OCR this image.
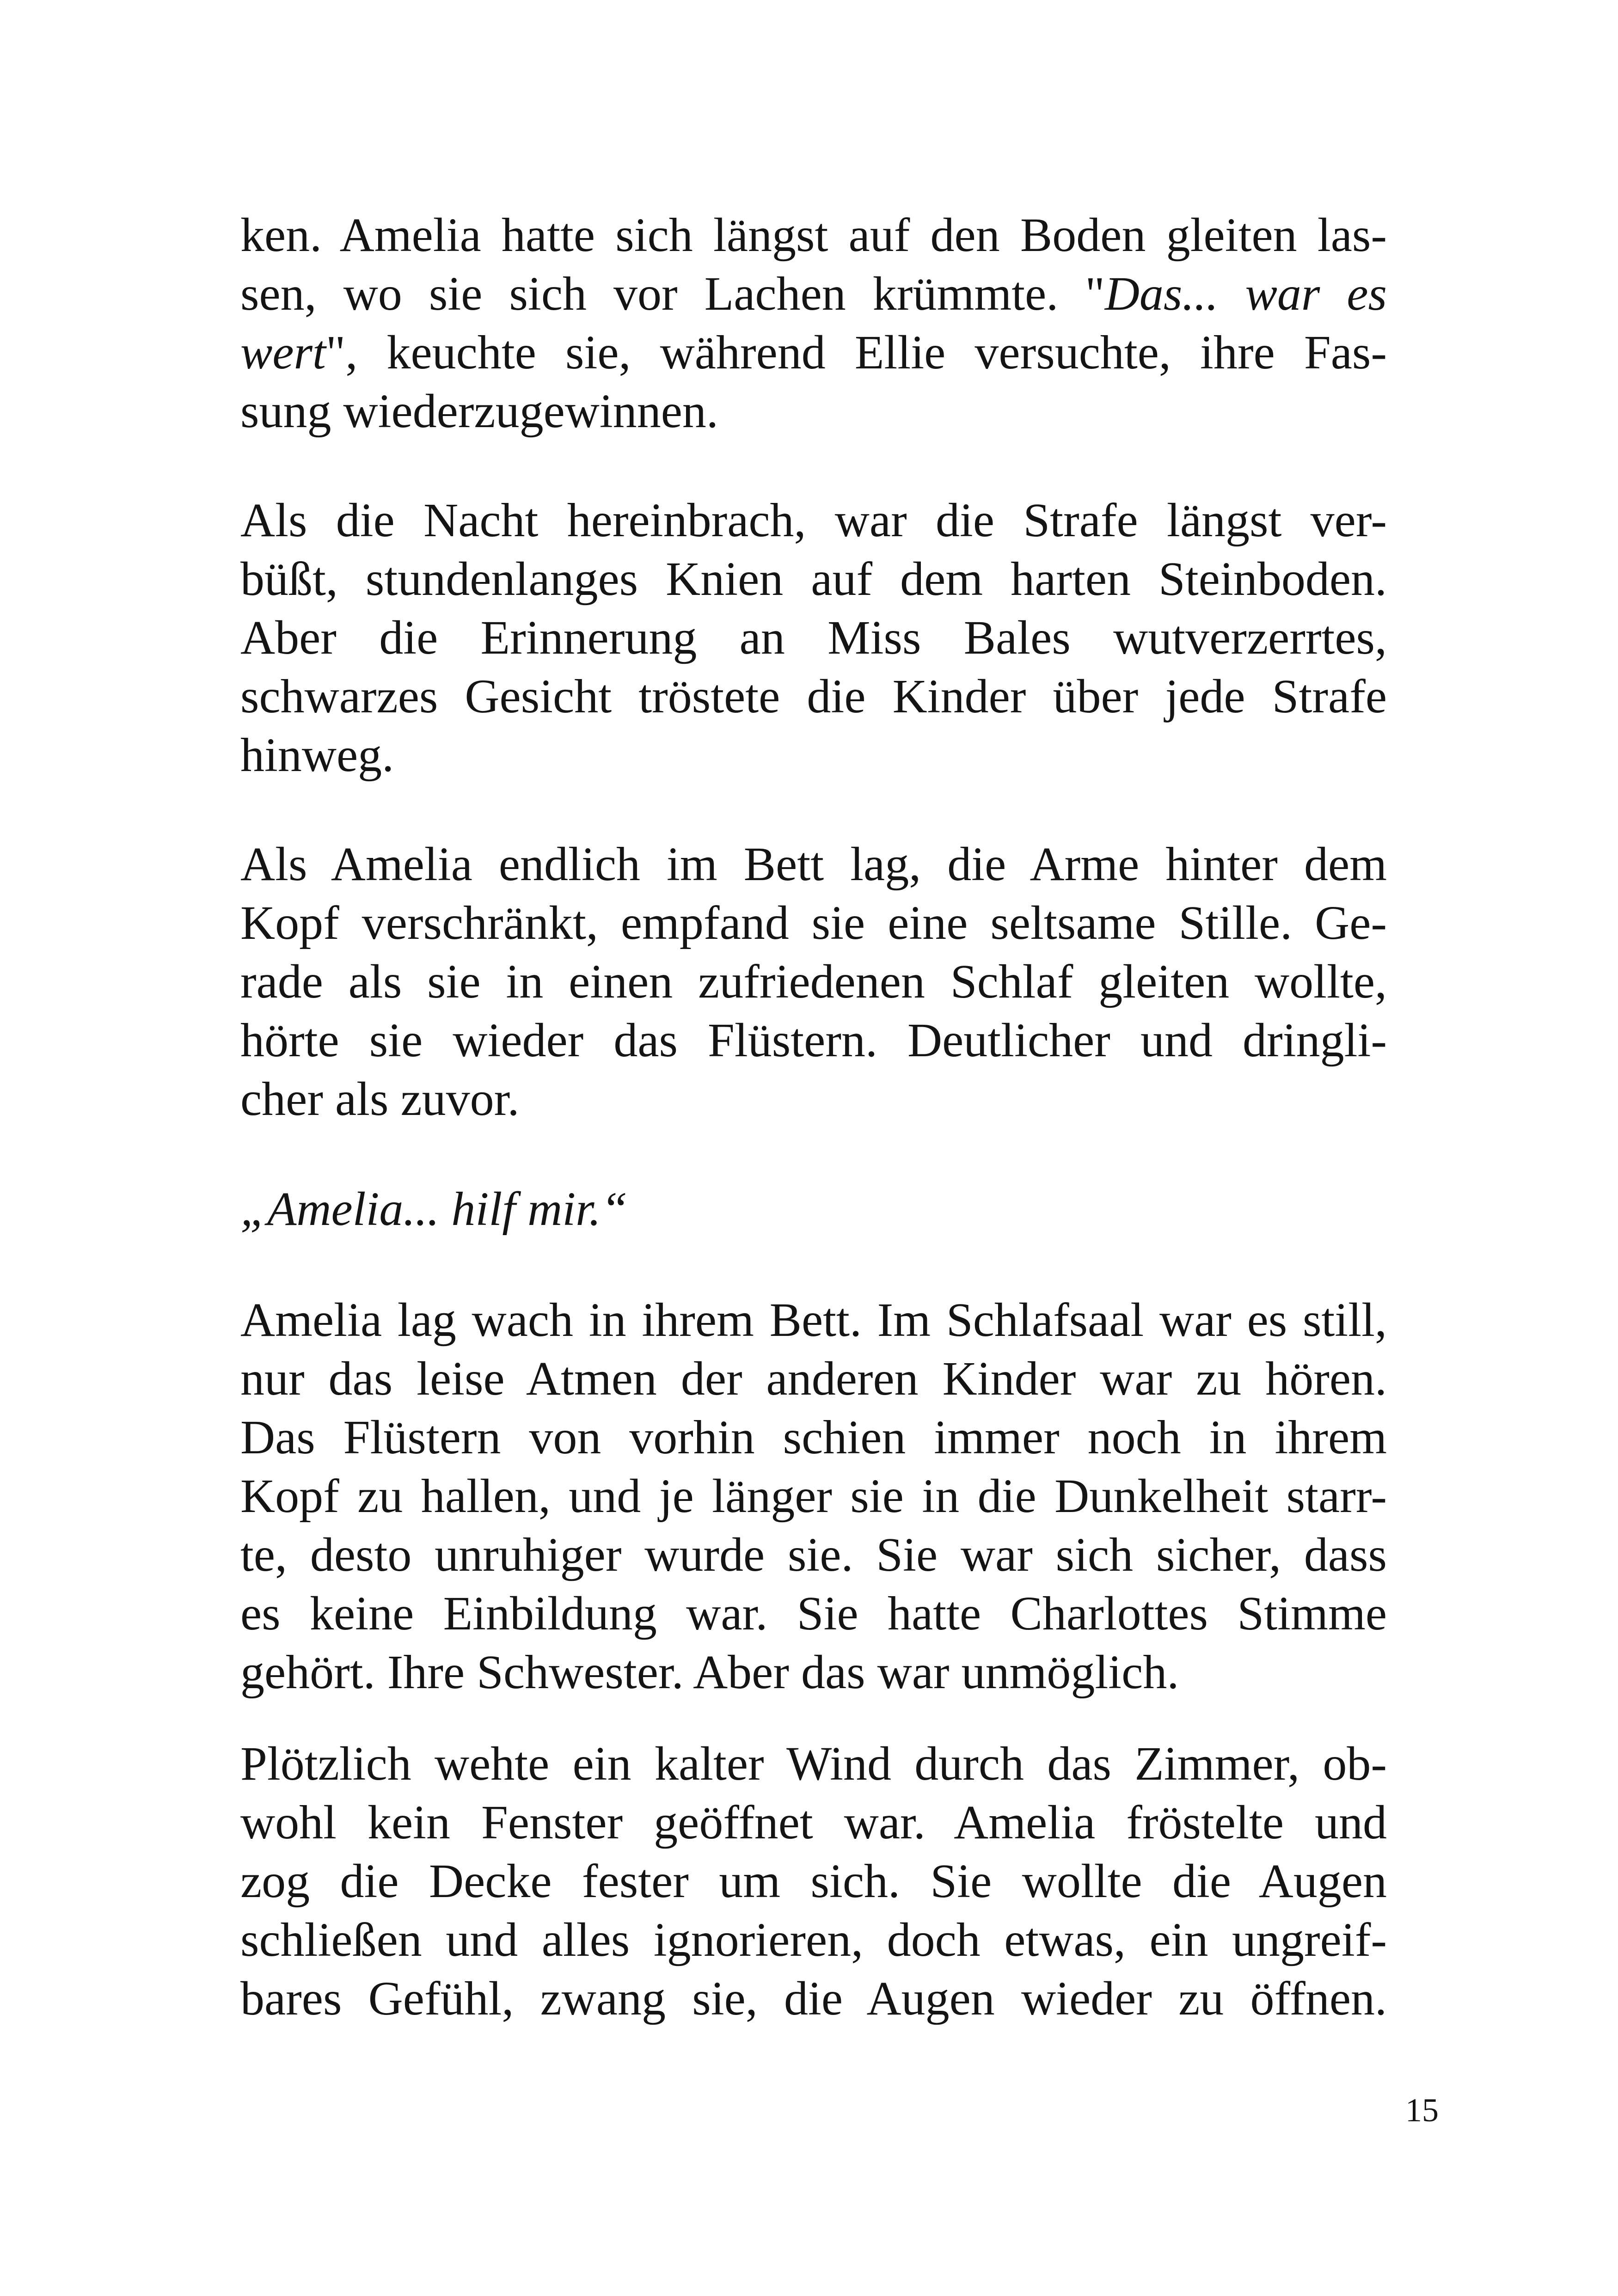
ken. Amelia hatte sich längst auf den Boden gleiten las-
sen, wo sie sich vor Lachen krümmte. "Das... war es
wert", keuchte sie, während Ellie versuchte, ihre Fas-
sung wiederzugewinnen.
Als die Nacht hereinbrach, war die Strafe längst ver-
büßt, stundenlanges Knien auf dem harten Steinboden.
Aber die Erinnerung an Miss Bales wutverzerrtes,
schwarzes Gesicht tröstete die Kinder über jede Strafe
hinweg.
Als Amelia endlich im Bett lag, die Arme hinter dem
Kopf verschränkt, empfand sie eine seltsame Stille. Ge-
rade als sie in einen zufriedenen Schlaf gleiten wollte,
hörte sie wieder das Flüstern. Deutlicher und dringli-
cher als zuvor.
„Amelia... hilf mir.“
Amelia lag wach in ihrem Bett. Im Schlafsaal war es still,
nur das leise Atmen der anderen Kinder war zu hören.
Das Flüstern von vorhin schien immer noch in ihrem
Kopf zu hallen, und je länger sie in die Dunkelheit starr-
te, desto unruhiger wurde sie. Sie war sich sicher, dass
es keine Einbildung war. Sie hatte Charlottes Stimme
gehört. Ihre Schwester. Aber das war unmöglich.
Plötzlich wehte ein kalter Wind durch das Zimmer, ob-
wohl kein Fenster geöffnet war. Amelia fröstelte und
zog die Decke fester um sich. Sie wollte die Augen
schließen und alles ignorieren, doch etwas, ein ungreif-
bares Gefühl, zwang sie, die Augen wieder zu öffnen.
15
